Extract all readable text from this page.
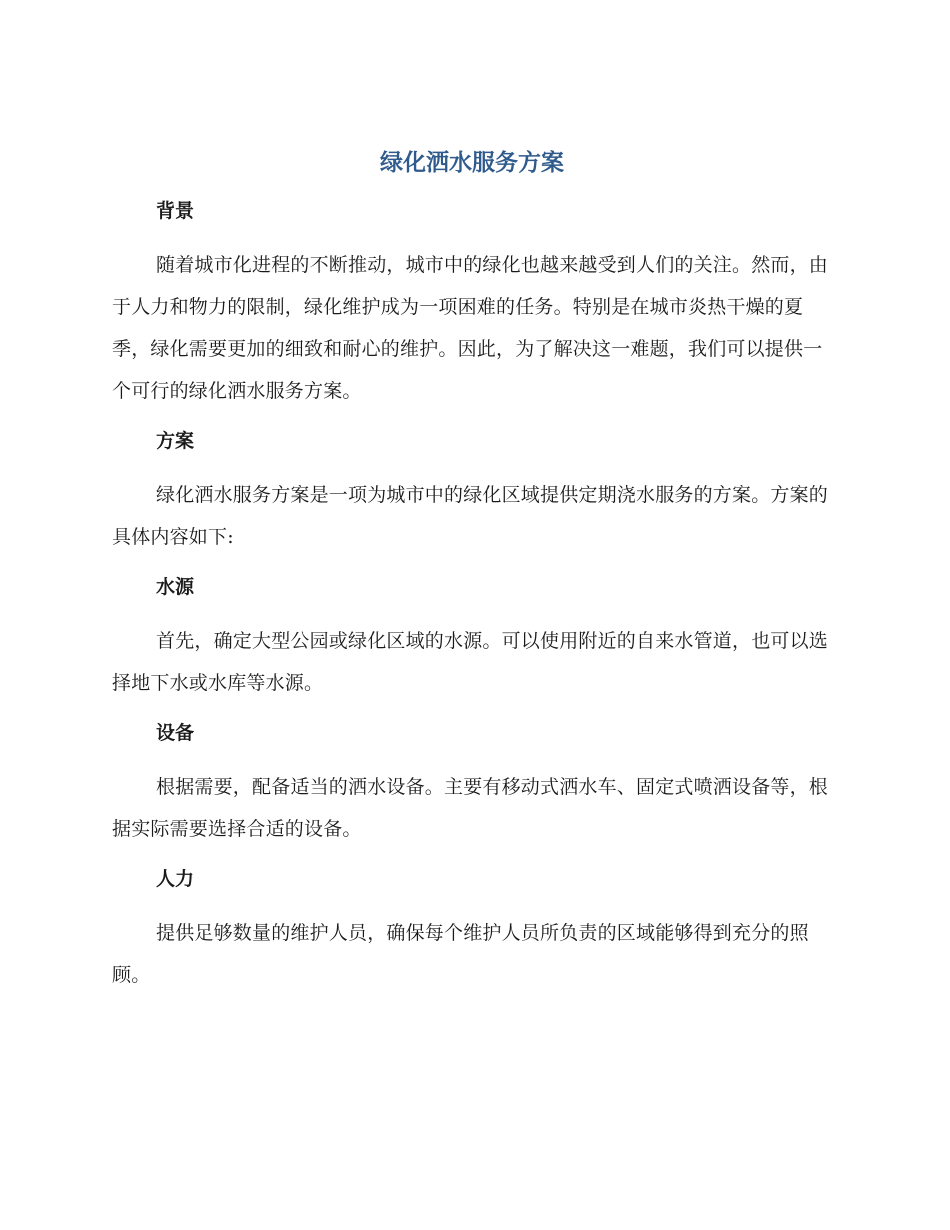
绿化洒水服务方案
背景

随着城市化进程的不断推动，城市中的绿化也越来越受到人们的关注。然而，由于人力和物力的限制，绿化维护成为一项困难的任务。特别是在城市炎热干燥的夏季，绿化需要更加的细致和耐心的维护。因此，为了解决这一难题，我们可以提供一个可行的绿化洒水服务方案。

方案

绿化洒水服务方案是一项为城市中的绿化区域提供定期浇水服务的方案。方案的具体内容如下:

水源

首先，确定大型公园或绿化区域的水源。可以使用附近的自来水管道，也可以选择地下水或水库等水源。

设备

根据需要，配备适当的洒水设备。主要有移动式洒水车、固定式喷洒设备等，根据实际需要选择合适的设备。

人力

提供足够数量的维护人员，确保每个维护人员所负责的区域能够得到充分的照顾。
